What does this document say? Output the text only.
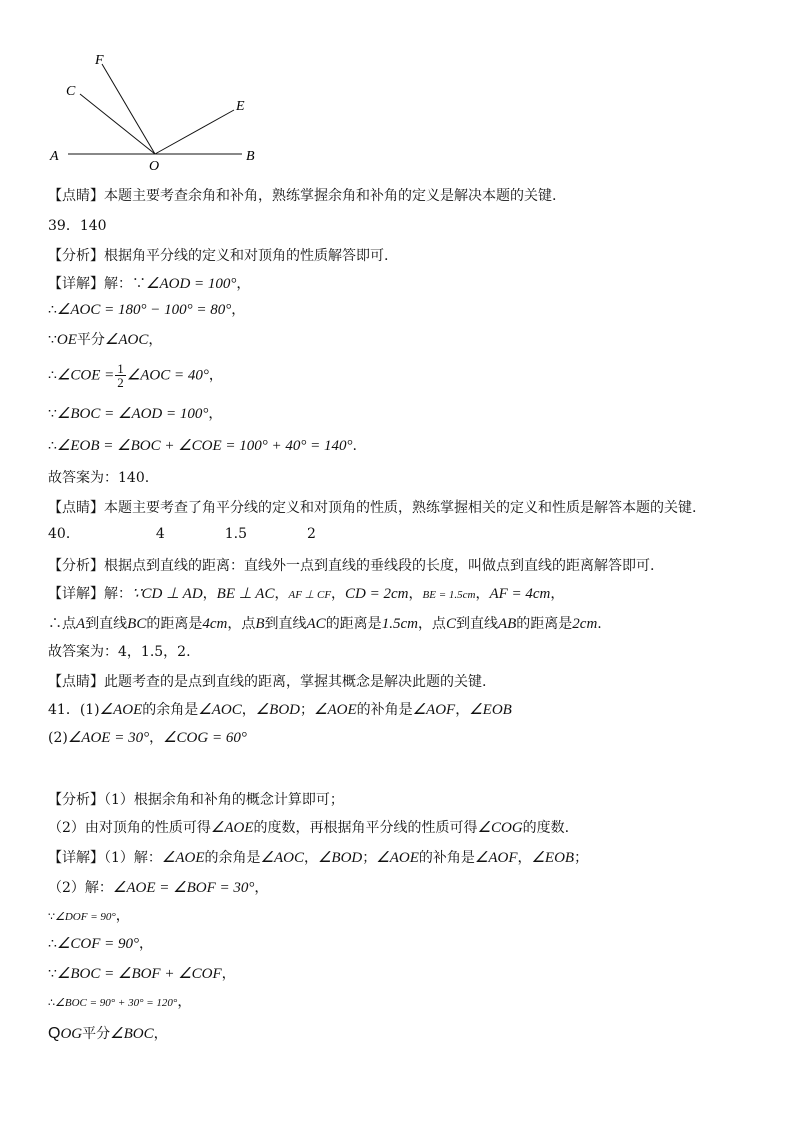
F
C
E
A
O
B
【点睛】本题主要考查余角和补角，熟练掌握余角和补角的定义是解决本题的关键.
39．140
【分析】根据角平分线的定义和对顶角的性质解答即可.
【详解】解：∵∠AOD = 100°，
∴∠AOC = 180° − 100° = 80°，
∵OE平分∠AOC，
∴∠COE = $\frac{1}{2}$ ∠AOC = 40°，
∵∠BOC = ∠AOD = 100°，
∴∠EOB = ∠BOC + ∠COE = 100° + 40° = 140°.
故答案为：140.
【点睛】本题主要考查了角平分线的定义和对顶角的性质，熟练掌握相关的定义和性质是解答本题的关键.
40．	4	1.5	2
【分析】根据点到直线的距离：直线外一点到直线的垂线段的长度，叫做点到直线的距离解答即可.
【详解】解：∵CD ⊥ AD，BE ⊥ AC，AF ⊥ CF，CD = 2cm，BE = 1.5cm，AF = 4cm，
∴点A到直线BC的距离是4cm，点B到直线AC的距离是1.5cm，点C到直线AB的距离是2cm.
故答案为：4，1.5，2.
【点睛】此题考查的是点到直线的距离，掌握其概念是解决此题的关键.
41．(1)∠AOE的余角是∠AOC，∠BOD；∠AOE的补角是∠AOF，∠EOB
(2)∠AOE = 30°，∠COG = 60°
【分析】（1）根据余角和补角的概念计算即可；
（2）由对顶角的性质可得∠AOE的度数，再根据角平分线的性质可得∠COG的度数.
【详解】（1）解：∠AOE的余角是∠AOC，∠BOD；∠AOE的补角是∠AOF，∠EOB；
（2）解：∠AOE = ∠BOF = 30°，
∵∠DOF = 90°，
∴∠COF = 90°，
∵∠BOC = ∠BOF + ∠COF，
∴∠BOC = 90° + 30° = 120°，
QOG平分∠BOC，
